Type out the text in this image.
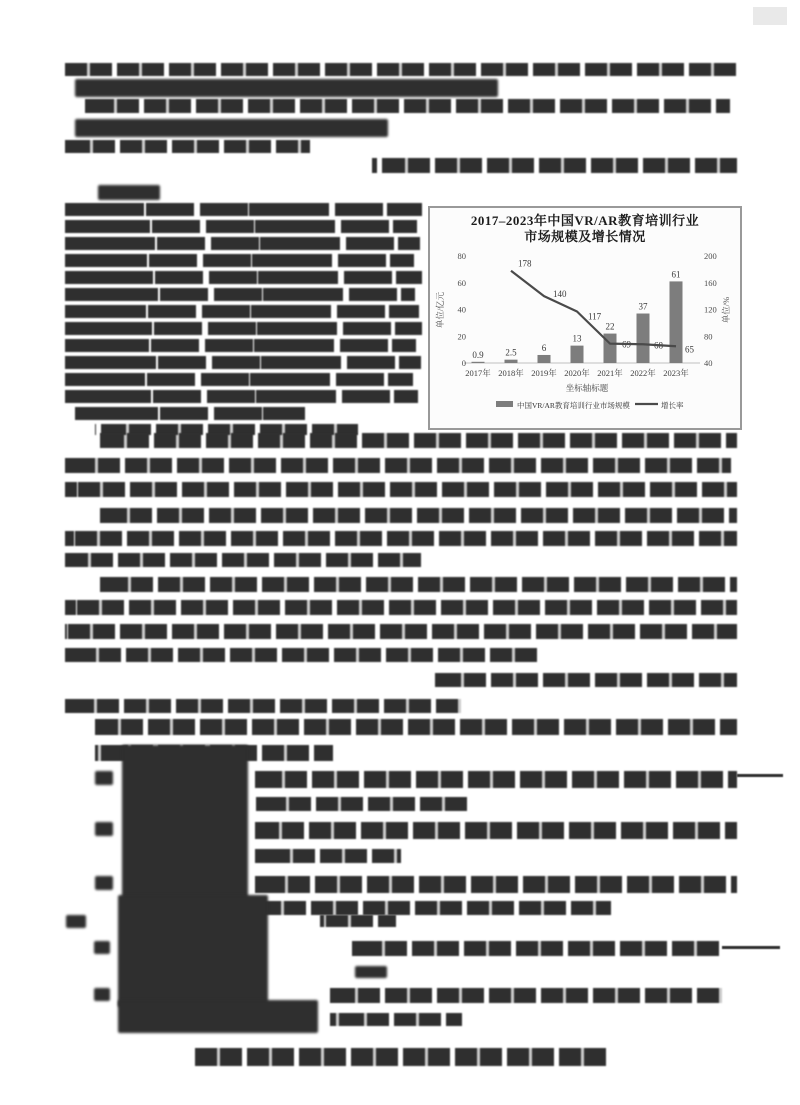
2017–2023年中国VR/AR教育培训行业
市场规模及增长情况
0
20
40
60
80
40
80
120
160
200
单位/亿元	单位/%
2017年 2018年 2019年 2020年 2021年 2022年 2023年
坐标轴标题
0.9 2.5	6
13
22
37
61
178
140
117
69	68 65
中国VR/AR教育培训行业市场规模	增长率
